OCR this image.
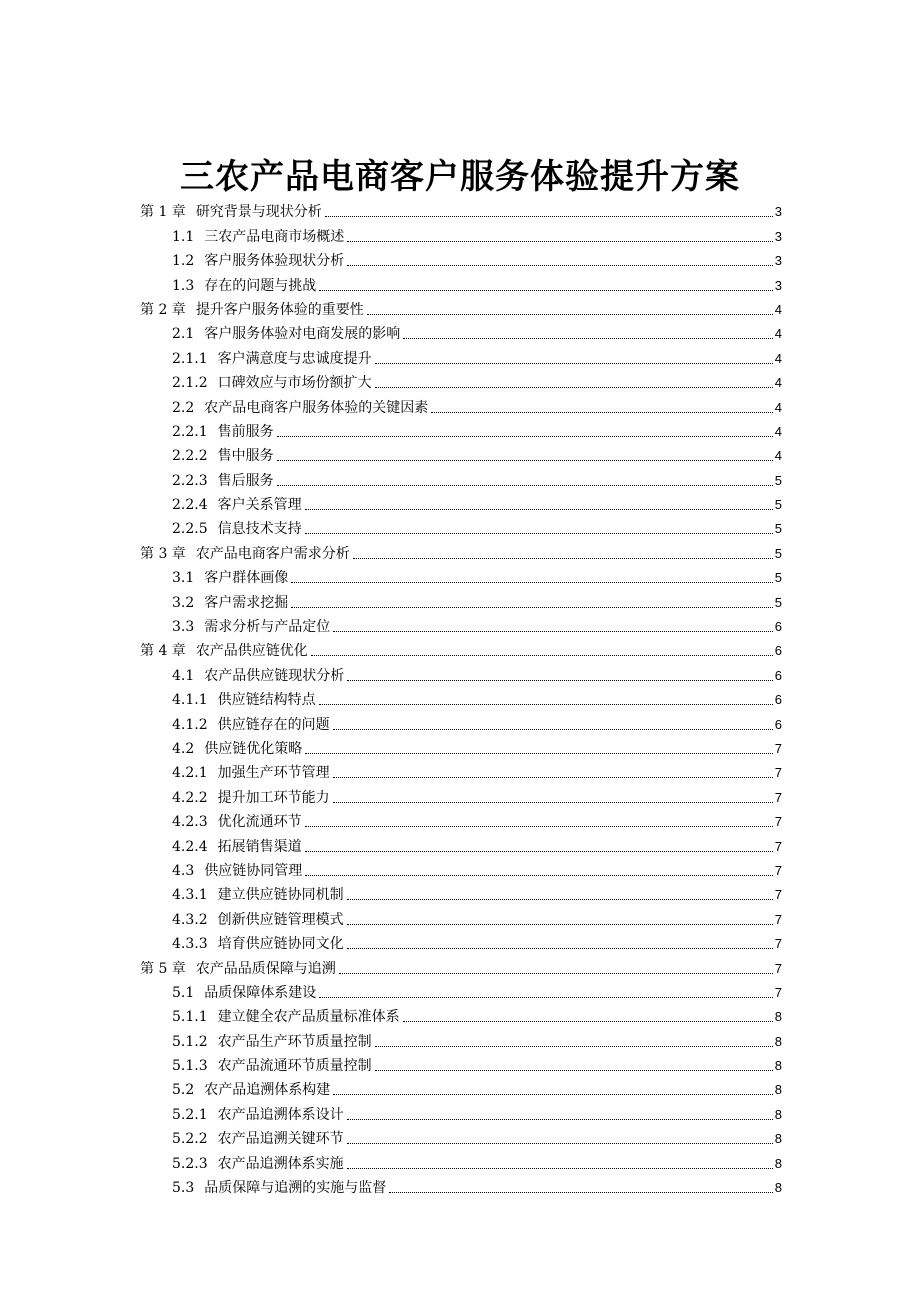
三农产品电商客户服务体验提升方案
第 1 章 研究背景与现状分析	3
1.1 三农产品电商市场概述	3
1.2 客户服务体验现状分析	3
1.3 存在的问题与挑战	3
第 2 章 提升客户服务体验的重要性	4
2.1 客户服务体验对电商发展的影响	4
2.1.1 客户满意度与忠诚度提升	4
2.1.2 口碑效应与市场份额扩大	4
2.2 农产品电商客户服务体验的关键因素	4
2.2.1 售前服务	4
2.2.2 售中服务	4
2.2.3 售后服务	5
2.2.4 客户关系管理	5
2.2.5 信息技术支持	5
第 3 章 农产品电商客户需求分析	5
3.1 客户群体画像	5
3.2 客户需求挖掘	5
3.3 需求分析与产品定位	6
第 4 章 农产品供应链优化	6
4.1 农产品供应链现状分析	6
4.1.1 供应链结构特点	6
4.1.2 供应链存在的问题	6
4.2 供应链优化策略	7
4.2.1 加强生产环节管理	7
4.2.2 提升加工环节能力	7
4.2.3 优化流通环节	7
4.2.4 拓展销售渠道	7
4.3 供应链协同管理	7
4.3.1 建立供应链协同机制	7
4.3.2 创新供应链管理模式	7
4.3.3 培育供应链协同文化	7
第 5 章 农产品品质保障与追溯	7
5.1 品质保障体系建设	7
5.1.1 建立健全农产品质量标准体系	8
5.1.2 农产品生产环节质量控制	8
5.1.3 农产品流通环节质量控制	8
5.2 农产品追溯体系构建	8
5.2.1 农产品追溯体系设计	8
5.2.2 农产品追溯关键环节	8
5.2.3 农产品追溯体系实施	8
5.3 品质保障与追溯的实施与监督	8
